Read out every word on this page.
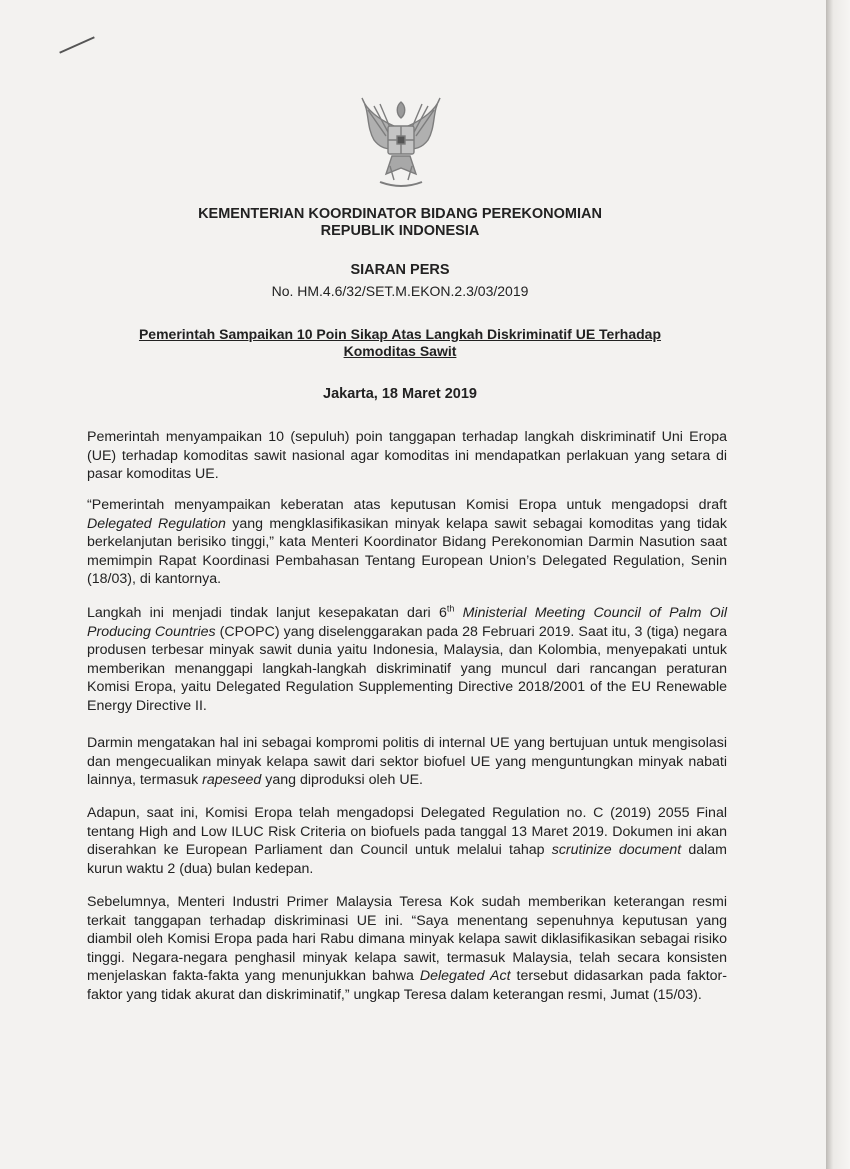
KEMENTERIAN KOORDINATOR BIDANG PEREKONOMIAN
REPUBLIK INDONESIA
SIARAN PERS
No. HM.4.6/32/SET.M.EKON.2.3/03/2019
Pemerintah Sampaikan 10 Poin Sikap Atas Langkah Diskriminatif UE Terhadap
Komoditas Sawit
Jakarta, 18 Maret 2019

Pemerintah menyampaikan 10 (sepuluh) poin tanggapan terhadap langkah diskriminatif Uni Eropa (UE) terhadap komoditas sawit nasional agar komoditas ini mendapatkan perlakuan yang setara di pasar komoditas UE.

“Pemerintah menyampaikan keberatan atas keputusan Komisi Eropa untuk mengadopsi draft Delegated Regulation yang mengklasifikasikan minyak kelapa sawit sebagai komoditas yang tidak berkelanjutan berisiko tinggi,” kata Menteri Koordinator Bidang Perekonomian Darmin Nasution saat memimpin Rapat Koordinasi Pembahasan Tentang European Union’s Delegated Regulation, Senin (18/03), di kantornya.

Langkah ini menjadi tindak lanjut kesepakatan dari 6th Ministerial Meeting Council of Palm Oil Producing Countries (CPOPC) yang diselenggarakan pada 28 Februari 2019. Saat itu, 3 (tiga) negara produsen terbesar minyak sawit dunia yaitu Indonesia, Malaysia, dan Kolombia, menyepakati untuk memberikan menanggapi langkah-langkah diskriminatif yang muncul dari rancangan peraturan Komisi Eropa, yaitu Delegated Regulation Supplementing Directive 2018/2001 of the EU Renewable Energy Directive II.

Darmin mengatakan hal ini sebagai kompromi politis di internal UE yang bertujuan untuk mengisolasi dan mengecualikan minyak kelapa sawit dari sektor biofuel UE yang menguntungkan minyak nabati lainnya, termasuk rapeseed yang diproduksi oleh UE.

Adapun, saat ini, Komisi Eropa telah mengadopsi Delegated Regulation no. C (2019) 2055 Final tentang High and Low ILUC Risk Criteria on biofuels pada tanggal 13 Maret 2019. Dokumen ini akan diserahkan ke European Parliament dan Council untuk melalui tahap scrutinize document dalam kurun waktu 2 (dua) bulan kedepan.

Sebelumnya, Menteri Industri Primer Malaysia Teresa Kok sudah memberikan keterangan resmi terkait tanggapan terhadap diskriminasi UE ini. “Saya menentang sepenuhnya keputusan yang diambil oleh Komisi Eropa pada hari Rabu dimana minyak kelapa sawit diklasifikasikan sebagai risiko tinggi. Negara-negara penghasil minyak kelapa sawit, termasuk Malaysia, telah secara konsisten menjelaskan fakta-fakta yang menunjukkan bahwa Delegated Act tersebut didasarkan pada faktor-faktor yang tidak akurat dan diskriminatif,” ungkap Teresa dalam keterangan resmi, Jumat (15/03).
